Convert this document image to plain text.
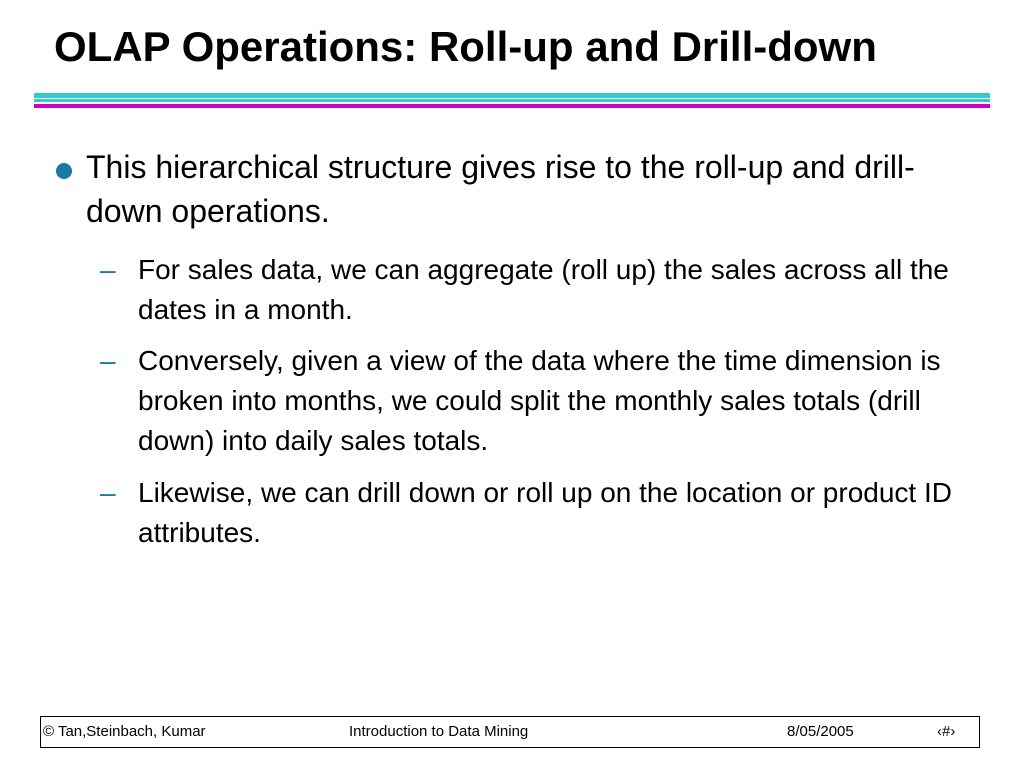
OLAP Operations: Roll-up and Drill-down
This hierarchical structure gives rise to the roll-up and drill-down operations.
– For sales data, we can aggregate (roll up) the sales across all the dates in a month.
– Conversely, given a view of the data where the time dimension is broken into months, we could split the monthly sales totals (drill down) into daily sales totals.
– Likewise, we can drill down or roll up on the location or product ID attributes.
© Tan,Steinbach, Kumar	Introduction to Data Mining	8/05/2005	‹#›
